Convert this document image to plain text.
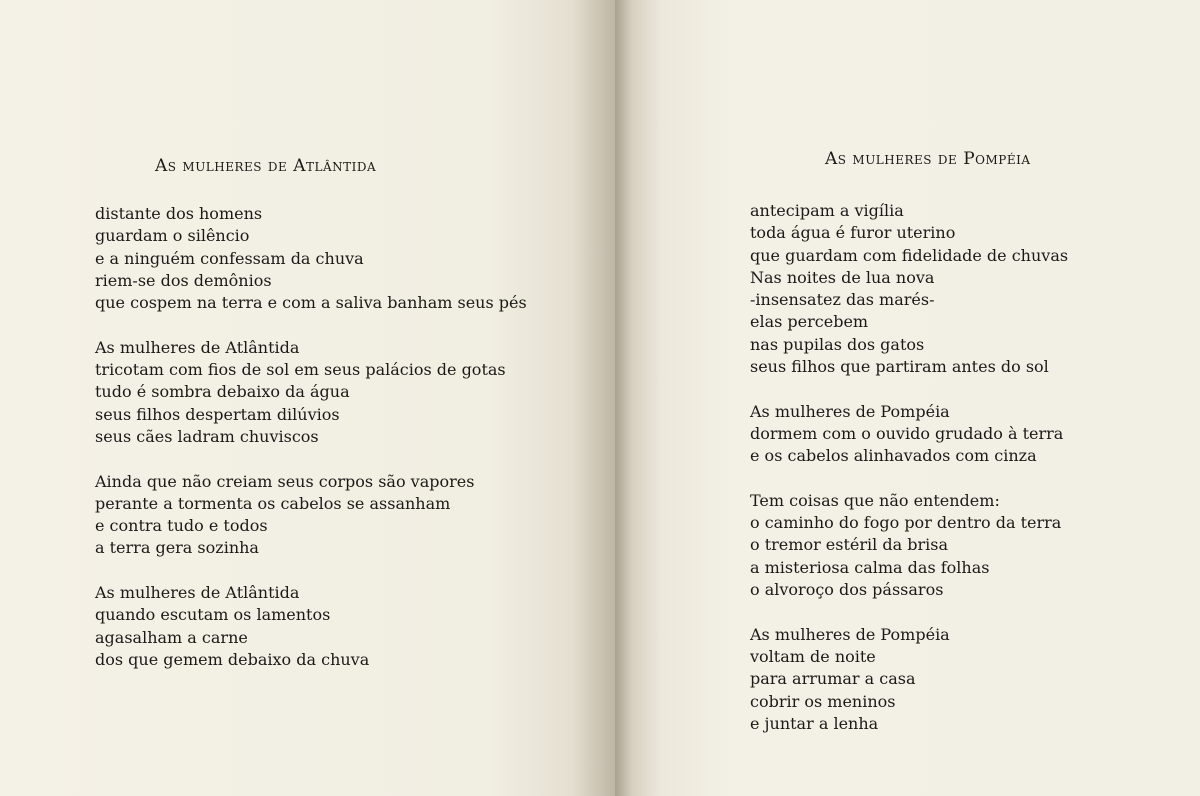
As mulheres de Atlântida
distante dos homens
guardam o silêncio
e a ninguém confessam da chuva
riem-se dos demônios
que cospem na terra e com a saliva banham seus pés
As mulheres de Atlântida
tricotam com fios de sol em seus palácios de gotas
tudo é sombra debaixo da água
seus filhos despertam dilúvios
seus cães ladram chuviscos
Ainda que não creiam seus corpos são vapores
perante a tormenta os cabelos se assanham
e contra tudo e todos
a terra gera sozinha
As mulheres de Atlântida
quando escutam os lamentos
agasalham a carne
dos que gemem debaixo da chuva
As mulheres de Pompéia
antecipam a vigília
toda água é furor uterino
que guardam com fidelidade de chuvas
Nas noites de lua nova
-insensatez das marés-
elas percebem
nas pupilas dos gatos
seus filhos que partiram antes do sol
As mulheres de Pompéia
dormem com o ouvido grudado à terra
e os cabelos alinhavados com cinza
Tem coisas que não entendem:
o caminho do fogo por dentro da terra
o tremor estéril da brisa
a misteriosa calma das folhas
o alvoroço dos pássaros
As mulheres de Pompéia
voltam de noite
para arrumar a casa
cobrir os meninos
e juntar a lenha
